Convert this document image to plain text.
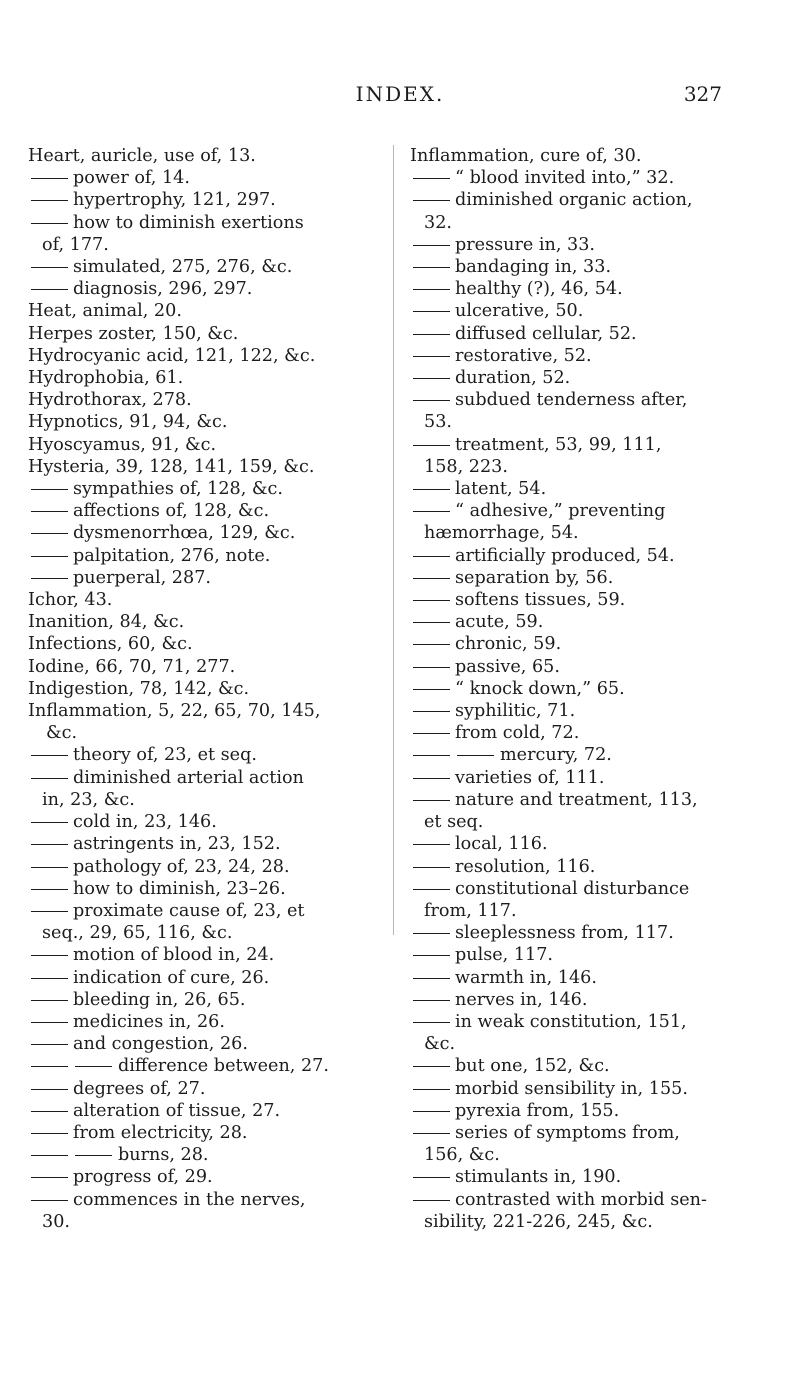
INDEX.	327
Heart, auricle, use of, 13.
power of, 14.
hypertrophy, 121, 297.
how to diminish exertions
of, 177.
simulated, 275, 276, &c.
diagnosis, 296, 297.
Heat, animal, 20.
Herpes zoster, 150, &c.
Hydrocyanic acid, 121, 122, &c.
Hydrophobia, 61.
Hydrothorax, 278.
Hypnotics, 91, 94, &c.
Hyoscyamus, 91, &c.
Hysteria, 39, 128, 141, 159, &c.
sympathies of, 128, &c.
affections of, 128, &c.
dysmenorrhœa, 129, &c.
palpitation, 276, note.
puerperal, 287.
Ichor, 43.
Inanition, 84, &c.
Infections, 60, &c.
Iodine, 66, 70, 71, 277.
Indigestion, 78, 142, &c.
Inflammation, 5, 22, 65, 70, 145,
&c.
theory of, 23, et seq.
diminished arterial action
in, 23, &c.
cold in, 23, 146.
astringents in, 23, 152.
pathology of, 23, 24, 28.
how to diminish, 23–26.
proximate cause of, 23, et
seq., 29, 65, 116, &c.
motion of blood in, 24.
indication of cure, 26.
bleeding in, 26, 65.
medicines in, 26.
and congestion, 26.
difference between, 27.
degrees of, 27.
alteration of tissue, 27.
from electricity, 28.
burns, 28.
progress of, 29.
commences in the nerves,
30.
Inflammation, cure of, 30.
“ blood invited into,” 32.
diminished organic action,
32.
pressure in, 33.
bandaging in, 33.
healthy (?), 46, 54.
ulcerative, 50.
diffused cellular, 52.
restorative, 52.
duration, 52.
subdued tenderness after,
53.
treatment, 53, 99, 111,
158, 223.
latent, 54.
“ adhesive,” preventing
hæmorrhage, 54.
artificially produced, 54.
separation by, 56.
softens tissues, 59.
acute, 59.
chronic, 59.
passive, 65.
“ knock down,” 65.
syphilitic, 71.
from cold, 72.
mercury, 72.
varieties of, 111.
nature and treatment, 113,
et seq.
local, 116.
resolution, 116.
constitutional disturbance
from, 117.
sleeplessness from, 117.
pulse, 117.
warmth in, 146.
nerves in, 146.
in weak constitution, 151,
&c.
but one, 152, &c.
morbid sensibility in, 155.
pyrexia from, 155.
series of symptoms from,
156, &c.
stimulants in, 190.
contrasted with morbid sen-
sibility, 221-226, 245, &c.
